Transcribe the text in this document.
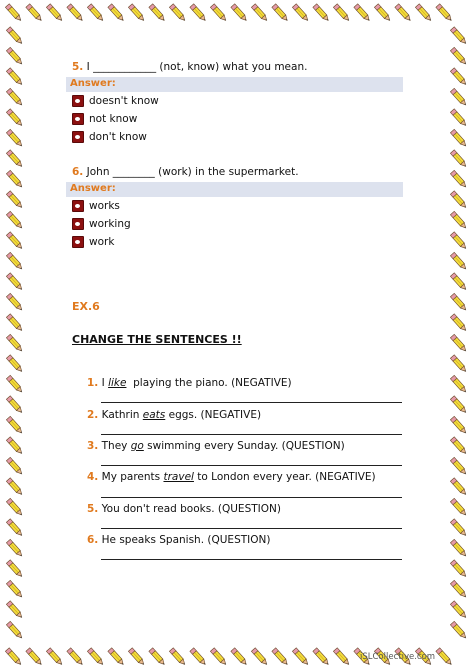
5. I ____________ (not, know) what you mean.
Answer:
doesn't know
not know
don't know
6. John ________ (work) in the supermarket.
Answer:
works
working
work
EX.6
CHANGE THE SENTENCES !!
1. I like  playing the piano. (NEGATIVE)
2. Kathrin eats eggs. (NEGATIVE)
3. They go swimming every Sunday. (QUESTION)
4. My parents travel to London every year. (NEGATIVE)
5. You don't read books. (QUESTION)
6. He speaks Spanish. (QUESTION)
iSLCollective.com
